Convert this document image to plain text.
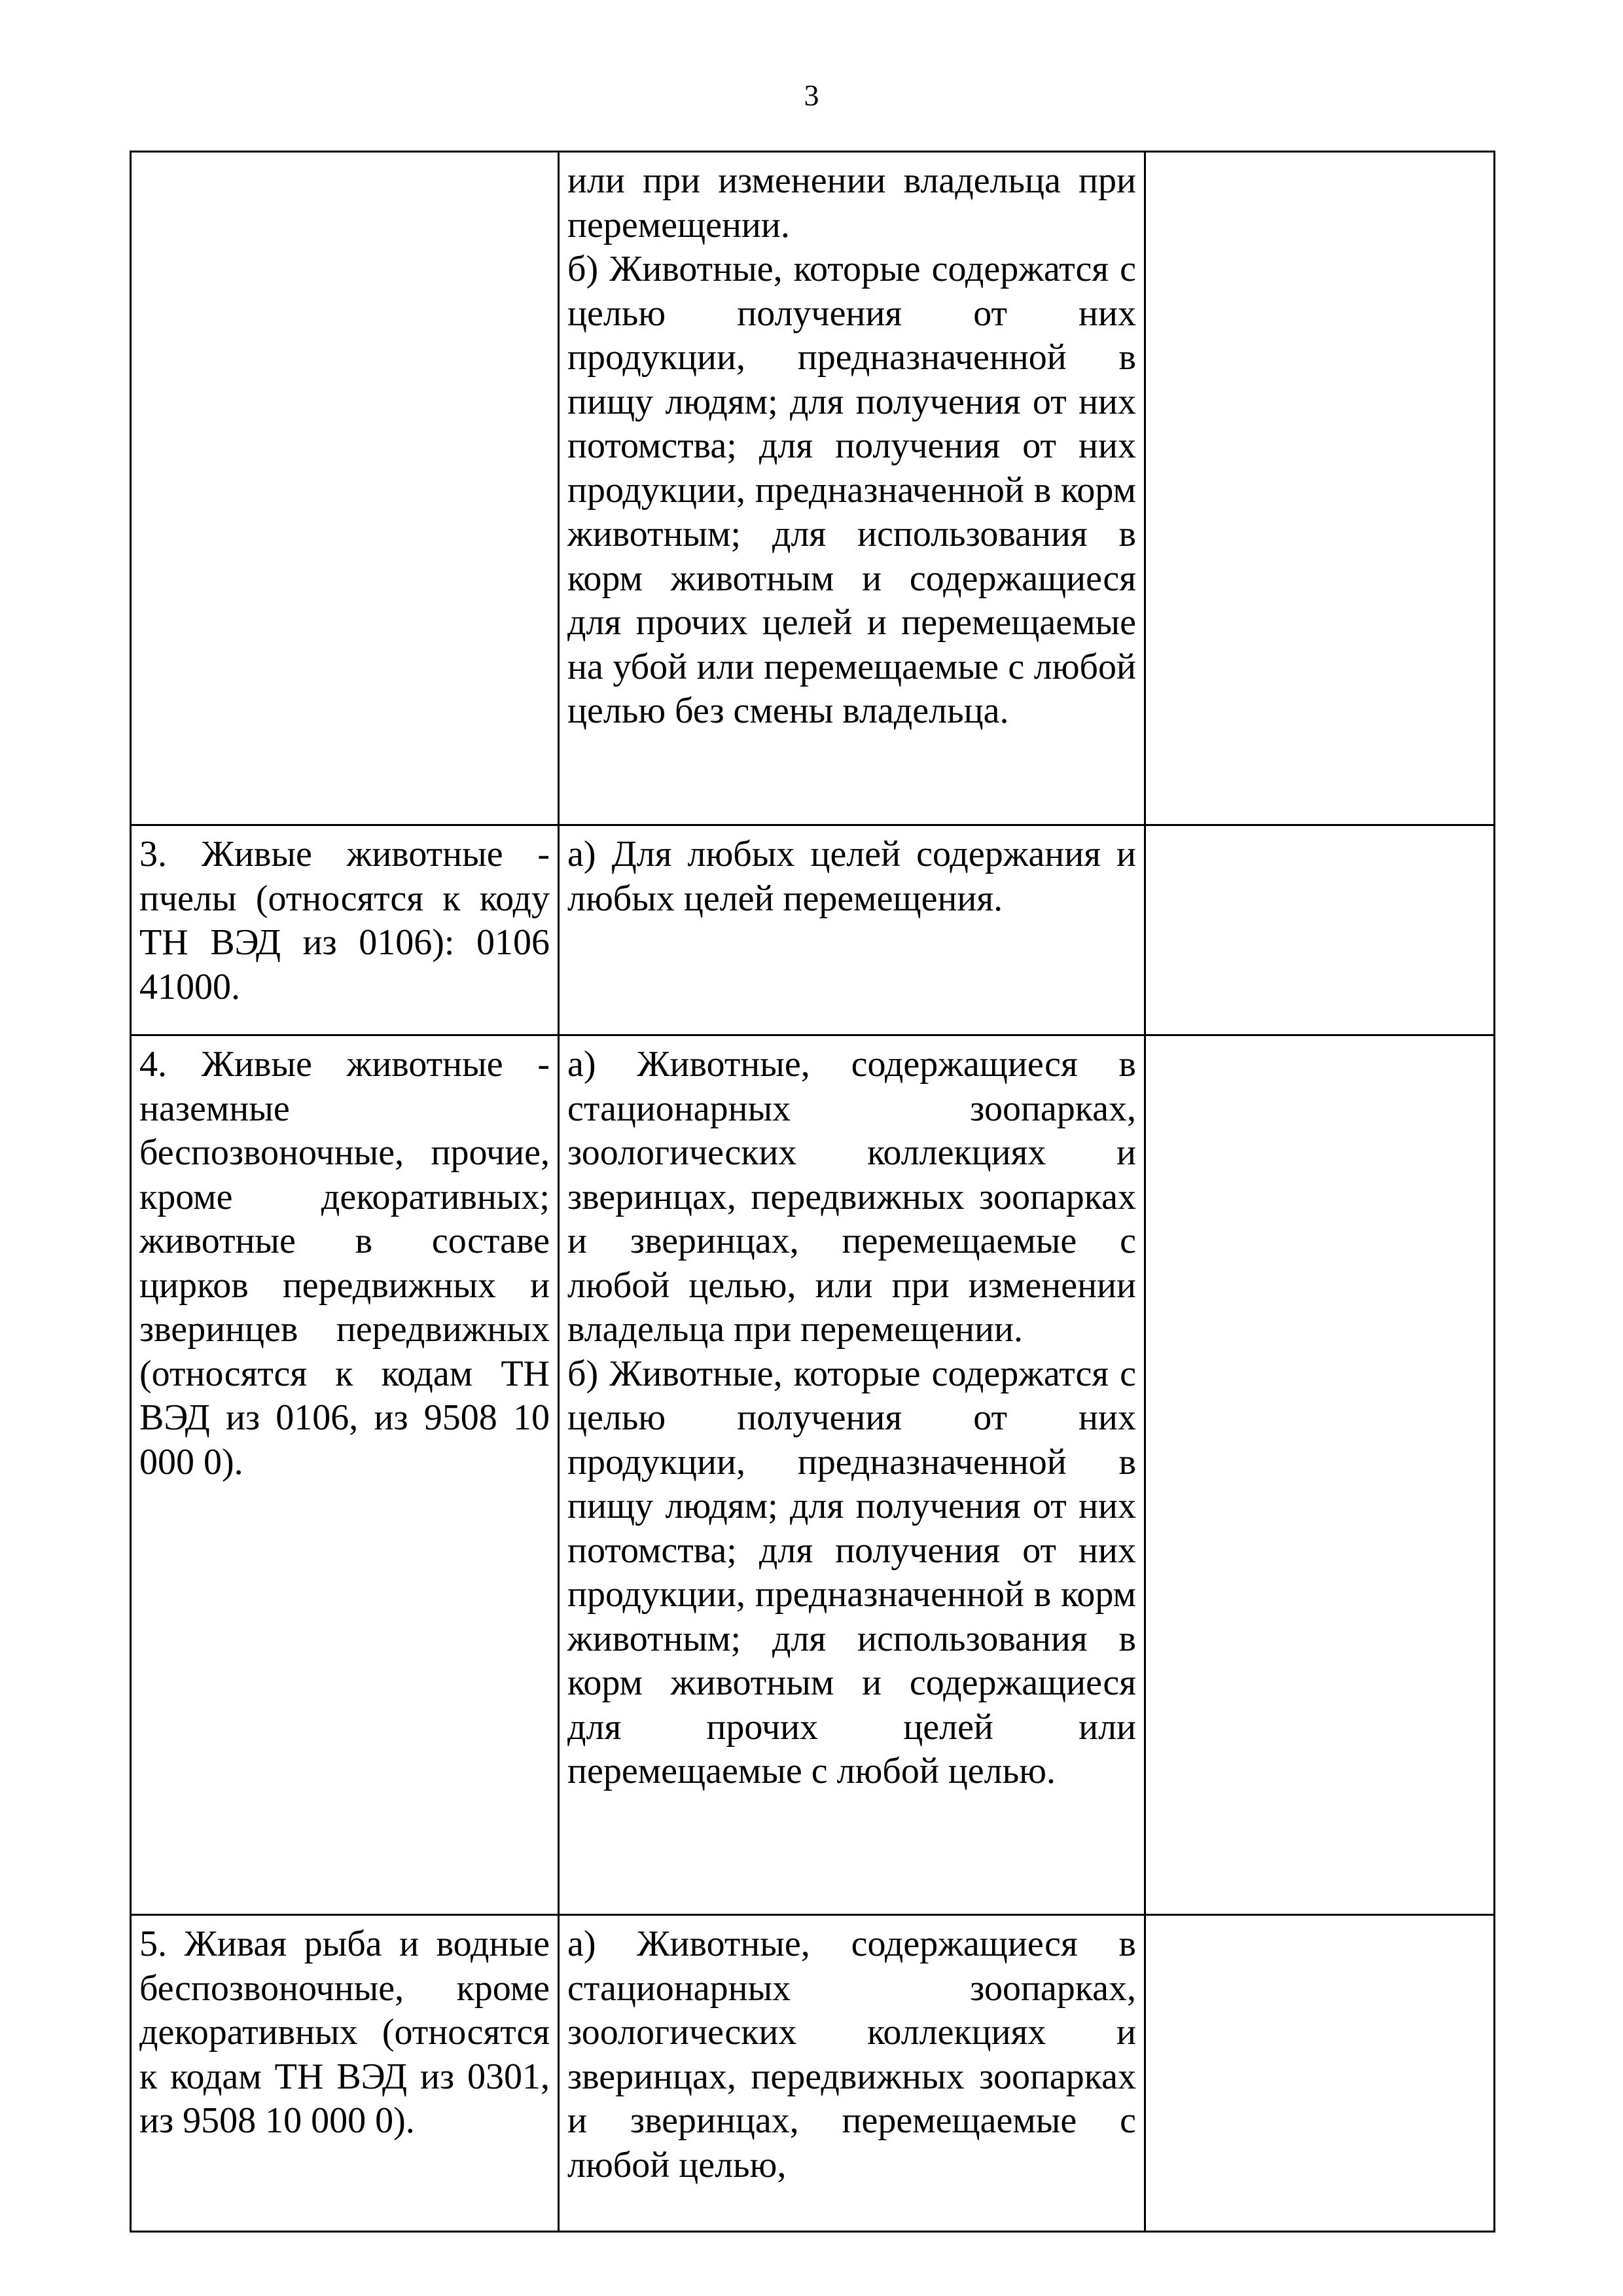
3

	или при изменении владельца при перемещении.
б) Животные, которые содержатся с целью получения от них продукции, предназначенной в пищу людям; для получения от них потомства; для получения от них продукции, предназначенной в корм животным; для использования в корм животным и содержащиеся для прочих целей и перемещаемые на убой или перемещаемые с любой целью без смены владельца.	

3. Живые животные - пчелы (относятся к коду ТН ВЭД из 0106): 0106 41000.	а) Для любых целей содержания и любых целей перемещения.	

4. Живые животные - наземные беспозвоночные, прочие, кроме декоративных; животные в составе цирков передвижных и зверинцев передвижных (относятся к кодам ТН ВЭД из 0106, из 9508 10 000 0).	а) Животные, содержащиеся в стационарных зоопарках, зоологических коллекциях и зверинцах, передвижных зоопарках и зверинцах, перемещаемые с любой целью, или при изменении владельца при перемещении.
б) Животные, которые содержатся с целью получения от них продукции, предназначенной в пищу людям; для получения от них потомства; для получения от них продукции, предназначенной в корм животным; для использования в корм животным и содержащиеся для прочих целей или перемещаемые с любой целью.	

5. Живая рыба и водные беспозвоночные, кроме декоративных (относятся к кодам ТН ВЭД из 0301, из 9508 10 000 0).	а) Животные, содержащиеся в стационарных зоопарках, зоологических коллекциях и зверинцах, передвижных зоопарках и зверинцах, перемещаемые с любой целью,	
